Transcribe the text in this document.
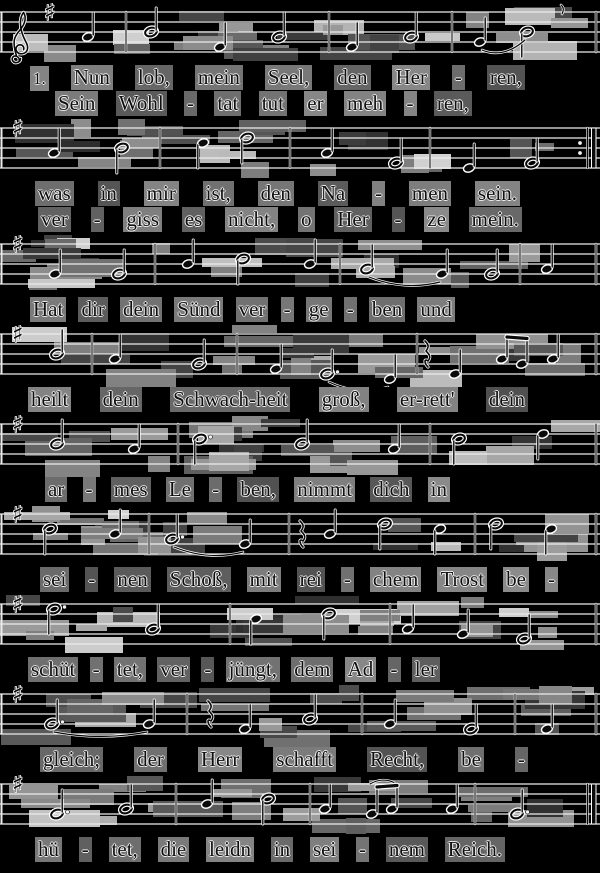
♯
1. Nun lob, mein Seel, den Her - ren,
Sein Wohl - tat tut er meh - ren,
♯
was in mir ist, den Na - men sein.
ver - giss es nicht, o Her - ze mein.
♯
Hat dir dein Sünd ver - ge - ben und
♯
heilt dein Schwach-heit groß, er-rett' dein
♯
ar - mes Le - ben, nimmt dich in
♯
sei - nen Schoß, mit rei - chem Trost be -
♯
schüt - tet, ver - jüngt, dem Ad - ler
♯
gleich; der Herr schafft Recht, be -
♯
hü - tet, die leidn in sei - nem Reich.
